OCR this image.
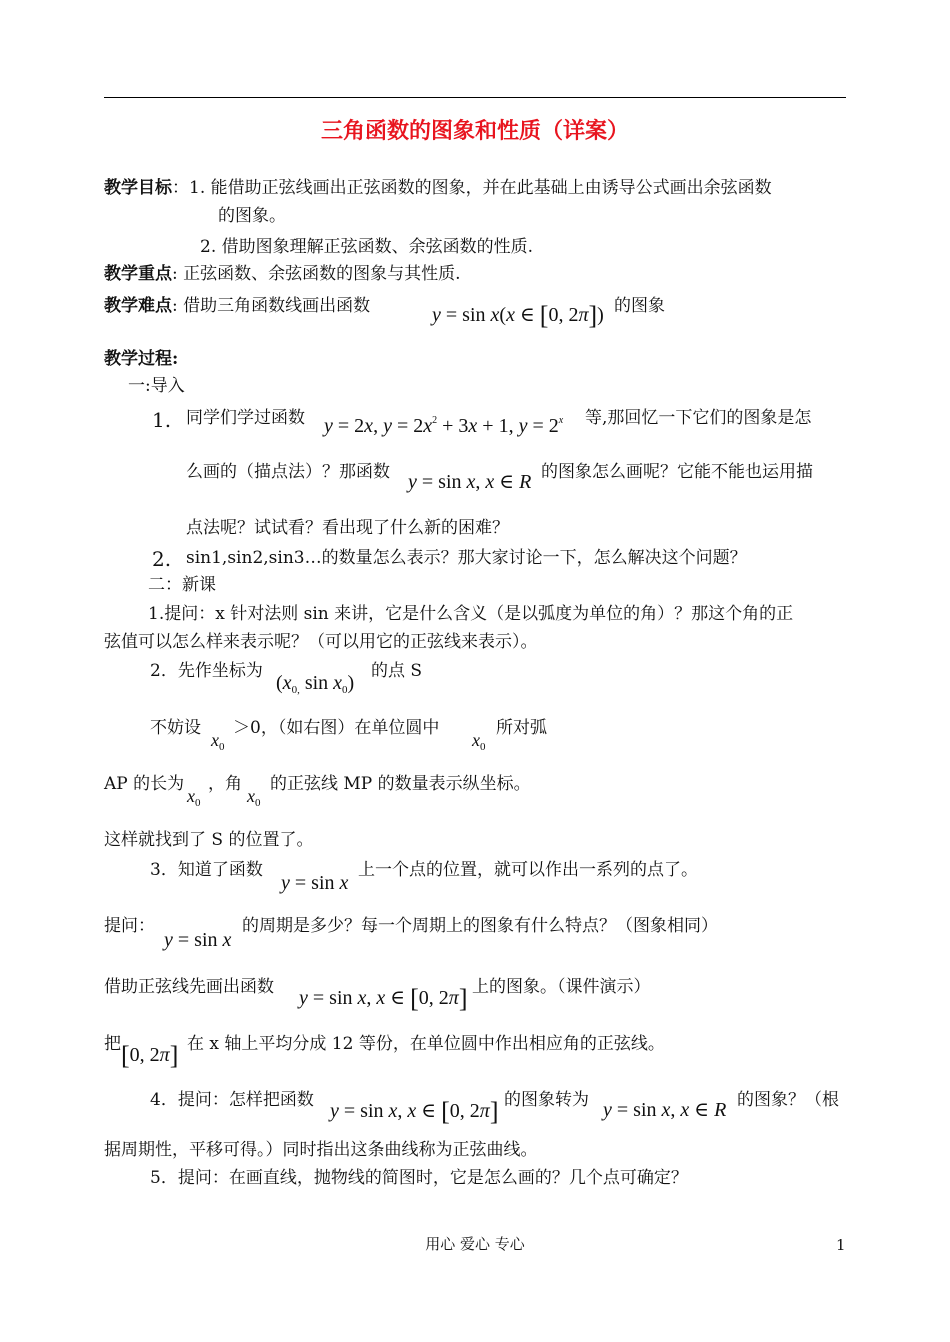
三角函数的图象和性质（详案）
教学目标：1. 能借助正弦线画出正弦函数的图象，并在此基础上由诱导公式画出余弦函数
的图象。
2. 借助图象理解正弦函数、余弦函数的性质.
教学重点: 正弦函数、余弦函数的图象与其性质.
教学难点: 借助三角函数线画出函数	y = sin x(x ∈ [0, 2π]) 的图象
教学过程:
一:导入
1. 同学们学过函数 y = 2x, $y = 2x^2 + 3x + 1$, $y = 2^x$ 等,那回忆一下它们的图象是怎
么画的（描点法）？那函数 y = sin x, x ∈ R 的图象怎么画呢？它能不能也运用描
点法呢？试试看？看出现了什么新的困难？
2. sin1,sin2,sin3…的数量怎么表示？那大家讨论一下，怎么解决这个问题？
二：新课
1.提问：x 针对法则 sin 来讲，它是什么含义（是以弧度为单位的角）？那这个角的正
弦值可以怎么样来表示呢？（可以用它的正弦线来表示）。
2．先作坐标为
($x_{0,}$ $\sin x_0$)
的点 S
不妨设
$x_0$
＞0，（如右图）在单位圆中
$x_0$
所对弧
AP 的长为
$x_0$
，角
$x_0$
的正弦线 MP 的数量表示纵坐标。
这样就找到了 S 的位置了。
3．知道了函数
y = sin x
上一个点的位置，就可以作出一系列的点了。
提问：
y = sin x
的周期是多少？每一个周期上的图象有什么特点？（图象相同）
借助正弦线先画出函数 y = sin x, x ∈ [0, 2π] 上的图象。（课件演示）
把 [0, 2π] 在 x 轴上平均分成 12 等份，在单位圆中作出相应角的正弦线。
4．提问：怎样把函数 y = sin x, x ∈ [0, 2π] 的图象转为 y = sin x, x ∈ R 的图象？（根
据周期性，平移可得。）同时指出这条曲线称为正弦曲线。
5．提问：在画直线，抛物线的简图时，它是怎么画的？几个点可确定？
用心 爱心 专心	1
